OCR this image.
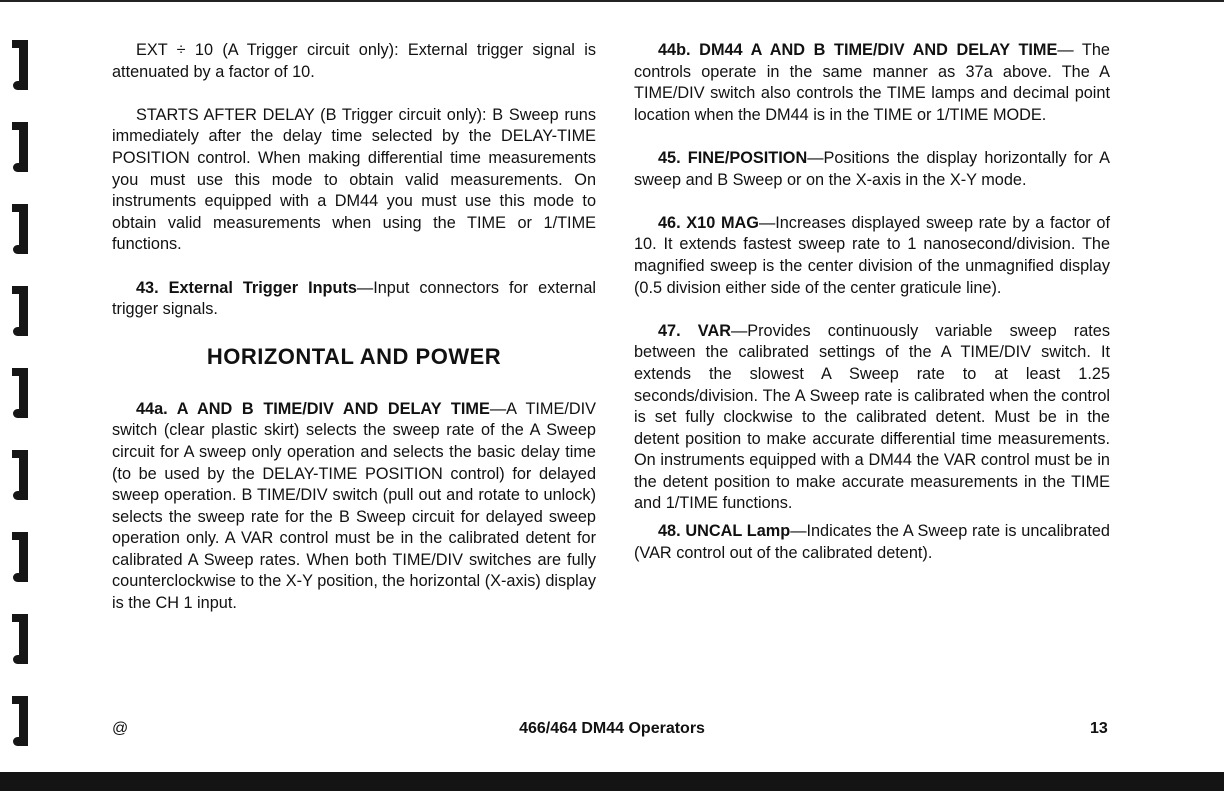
EXT ÷ 10 (A Trigger circuit only): External trigger signal is attenuated by a factor of 10.

STARTS AFTER DELAY (B Trigger circuit only): B Sweep runs immediately after the delay time selected by the DELAY-TIME POSITION control. When making differential time measurements you must use this mode to obtain valid measurements. On instruments equipped with a DM44 you must use this mode to obtain valid measurements when using the TIME or 1/TIME functions.

43. External Trigger Inputs—Input connectors for external trigger signals.

HORIZONTAL AND POWER

44a. A AND B TIME/DIV AND DELAY TIME—A TIME/DIV switch (clear plastic skirt) selects the sweep rate of the A Sweep circuit for A sweep only operation and selects the basic delay time (to be used by the DELAY-TIME POSITION control) for delayed sweep operation. B TIME/DIV switch (pull out and rotate to unlock) selects the sweep rate for the B Sweep circuit for delayed sweep operation only. A VAR control must be in the calibrated detent for calibrated A Sweep rates. When both TIME/DIV switches are fully counterclockwise to the X-Y position, the horizontal (X-axis) display is the CH 1 input.

44b. DM44 A AND B TIME/DIV AND DELAY TIME— The controls operate in the same manner as 37a above. The A TIME/DIV switch also controls the TIME lamps and decimal point location when the DM44 is in the TIME or 1/TIME MODE.

45. FINE/POSITION—Positions the display horizontally for A sweep and B Sweep or on the X-axis in the X-Y mode.

46. X10 MAG—Increases displayed sweep rate by a factor of 10. It extends fastest sweep rate to 1 nanosecond/division. The magnified sweep is the center division of the unmagnified display (0.5 division either side of the center graticule line).

47. VAR—Provides continuously variable sweep rates between the calibrated settings of the A TIME/DIV switch. It extends the slowest A Sweep rate to at least 1.25 seconds/division. The A Sweep rate is calibrated when the control is set fully clockwise to the calibrated detent. Must be in the detent position to make accurate differential time measurements. On instruments equipped with a DM44 the VAR control must be in the detent position to make accurate measurements in the TIME and 1/TIME functions.

48. UNCAL Lamp—Indicates the A Sweep rate is uncalibrated (VAR control out of the calibrated detent).

@	466/464 DM44 Operators	13
